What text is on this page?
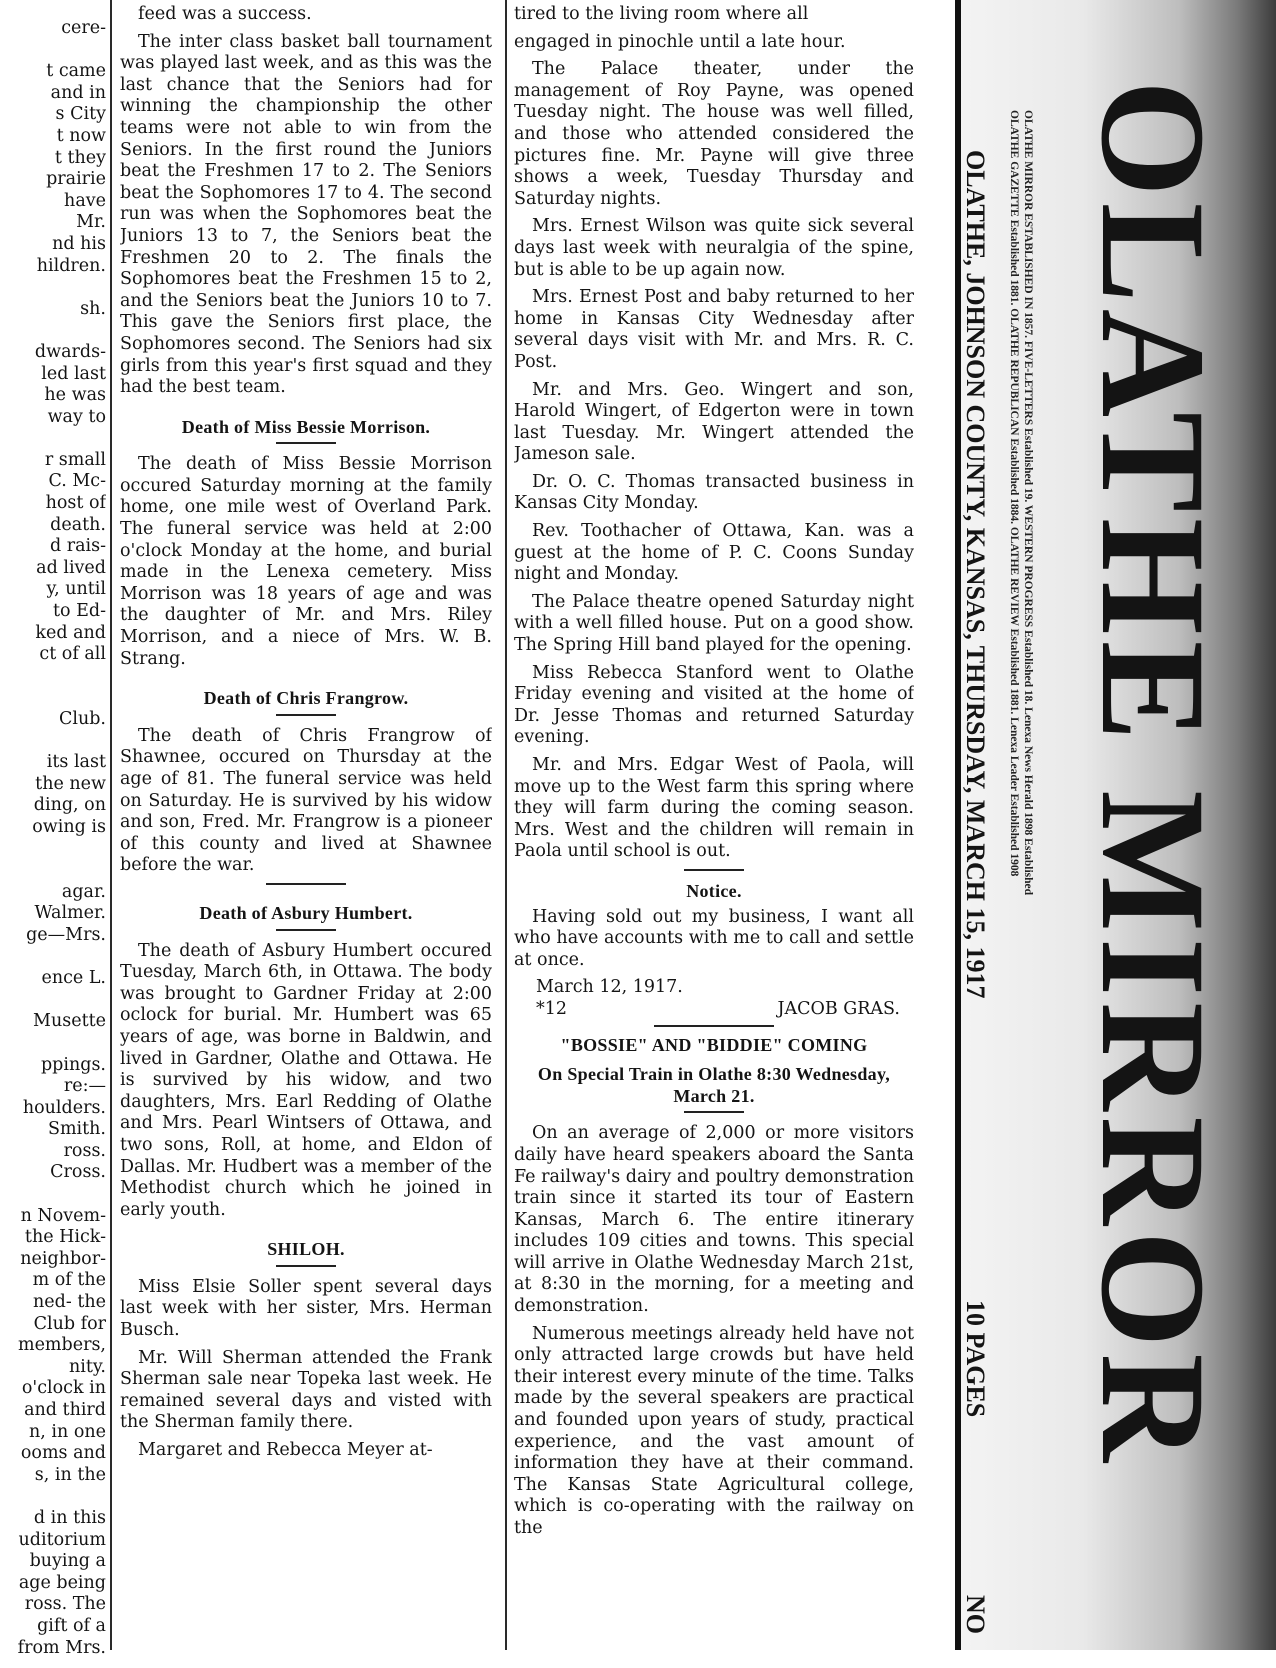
cere-
t came
and in
s City
t now
t they
prairie
have
Mr.
nd his
hildren.
sh.
dwards-
led last
he was
way to
r small
C. Mc-
host of
death.
d rais-
ad lived
y, until
to Ed-
ked and
ct of all
Club.
its last
the new
ding, on
owing is
agar.
Walmer.
ge—Mrs.
ence L.
Musette
ppings.
re:—
houlders.
Smith.
ross.
Cross.
n Novem-
the Hick-
neighbor-
m of the
ned- the
Club for
members,
nity.
o'clock in
and third
n, in one
ooms and
s, in the
d in this
uditorium
buying a
age being
ross. The
gift of a
from Mrs.

feed was a success.

The inter class basket ball tournament was played last week, and as this was the last chance that the Seniors had for winning the championship the other teams were not able to win from the Seniors. In the first round the Juniors beat the Freshmen 17 to 2. The Seniors beat the Sophomores 17 to 4. The second run was when the Sophomores beat the Juniors 13 to 7, the Seniors beat the Freshmen 20 to 2. The finals the Sophomores beat the Freshmen 15 to 2, and the Seniors beat the Juniors 10 to 7. This gave the Seniors first place, the Sophomores second. The Seniors had six girls from this year's first squad and they had the best team.

Death of Miss Bessie Morrison.

The death of Miss Bessie Morrison occured Saturday morning at the family home, one mile west of Overland Park. The funeral service was held at 2:00 o'clock Monday at the home, and burial made in the Lenexa cemetery. Miss Morrison was 18 years of age and was the daughter of Mr. and Mrs. Riley Morrison, and a niece of Mrs. W. B. Strang.

Death of Chris Frangrow.

The death of Chris Frangrow of Shawnee, occured on Thursday at the age of 81. The funeral service was held on Saturday. He is survived by his widow and son, Fred. Mr. Frangrow is a pioneer of this county and lived at Shawnee before the war.

Death of Asbury Humbert.

The death of Asbury Humbert occured Tuesday, March 6th, in Ottawa. The body was brought to Gardner Friday at 2:00 oclock for burial. Mr. Humbert was 65 years of age, was borne in Baldwin, and lived in Gardner, Olathe and Ottawa. He is survived by his widow, and two daughters, Mrs. Earl Redding of Olathe and Mrs. Pearl Wintsers of Ottawa, and two sons, Roll, at home, and Eldon of Dallas. Mr. Hudbert was a member of the Methodist church which he joined in early youth.

SHILOH.

Miss Elsie Soller spent several days last week with her sister, Mrs. Herman Busch.

Mr. Will Sherman attended the Frank Sherman sale near Topeka last week. He remained several days and visted with the Sherman family there.

Margaret and Rebecca Meyer at-

tired to the living room where all

engaged in pinochle until a late hour.

The Palace theater, under the management of Roy Payne, was opened Tuesday night. The house was well filled, and those who attended considered the pictures fine. Mr. Payne will give three shows a week, Tuesday Thursday and Saturday nights.

Mrs. Ernest Wilson was quite sick several days last week with neuralgia of the spine, but is able to be up again now.

Mrs. Ernest Post and baby returned to her home in Kansas City Wednesday after several days visit with Mr. and Mrs. R. C. Post.

Mr. and Mrs. Geo. Wingert and son, Harold Wingert, of Edgerton were in town last Tuesday. Mr. Wingert attended the Jameson sale.

Dr. O. C. Thomas transacted business in Kansas City Monday.

Rev. Toothacher of Ottawa, Kan. was a guest at the home of P. C. Coons Sunday night and Monday.

The Palace theatre opened Saturday night with a well filled house. Put on a good show. The Spring Hill band played for the opening.

Miss Rebecca Stanford went to Olathe Friday evening and visited at the home of Dr. Jesse Thomas and returned Saturday evening.

Mr. and Mrs. Edgar West of Paola, will move up to the West farm this spring where they will farm during the coming season. Mrs. West and the children will remain in Paola until school is out.

Notice.

Having sold out my business, I want all who have accounts with me to call and settle at once.

March 12, 1917.
*12	JACOB GRAS.
"BOSSIE" AND "BIDDIE" COMING
On Special Train in Olathe 8:30 Wednesday, March 21.

On an average of 2,000 or more visitors daily have heard speakers aboard the Santa Fe railway's dairy and poultry demonstration train since it started its tour of Eastern Kansas, March 6. The entire itinerary includes 109 cities and towns. This special will arrive in Olathe Wednesday March 21st, at 8:30 in the morning, for a meeting and demonstration.

Numerous meetings already held have not only attracted large crowds but have held their interest every minute of the time. Talks made by the several speakers are practical and founded upon years of study, practical experience, and the vast amount of information they have at their command. The Kansas State Agricultural college, which is co-operating with the railway on the

OLATHE MIRROR ESTABLISHED IN 1857. FIVE-LETTERS Established 19. WESTERN PROGRESS Established 18. Lenexa News Herald 1898 Established
OLATHE GAZETTE Established 1881. OLATHE REPUBLICAN Established 1884. OLATHE REVIEW Established 1881. Lenexa Leader Established 1908
OLATHE, JOHNSON COUNTY, KANSAS, THURSDAY, MARCH 15, 1917
10 PAGES
NO
OLATHE MIRROR
